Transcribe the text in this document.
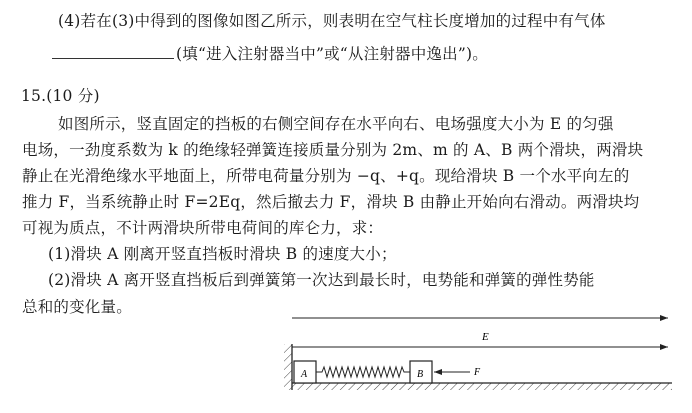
(4)若在(3)中得到的图像如图乙所示，则表明在空气柱长度增加的过程中有气体
(填“进入注射器当中”或“从注射器中逸出”)。
15.(10 分)
如图所示，竖直固定的挡板的右侧空间存在水平向右、电场强度大小为 E 的匀强
电场，一劲度系数为 k 的绝缘轻弹簧连接质量分别为 2m、m 的 A、B 两个滑块，两滑块
静止在光滑绝缘水平地面上，所带电荷量分别为 −q、+q。现给滑块 B 一个水平向左的
推力 F，当系统静止时 F=2Eq，然后撤去力 F，滑块 B 由静止开始向右滑动。两滑块均
可视为质点，不计两滑块所带电荷间的库仑力，求：
(1)滑块 A 刚离开竖直挡板时滑块 B 的速度大小；
(2)滑块 A 离开竖直挡板后到弹簧第一次达到最长时，电势能和弹簧的弹性势能
总和的变化量。
E
A	B	F
